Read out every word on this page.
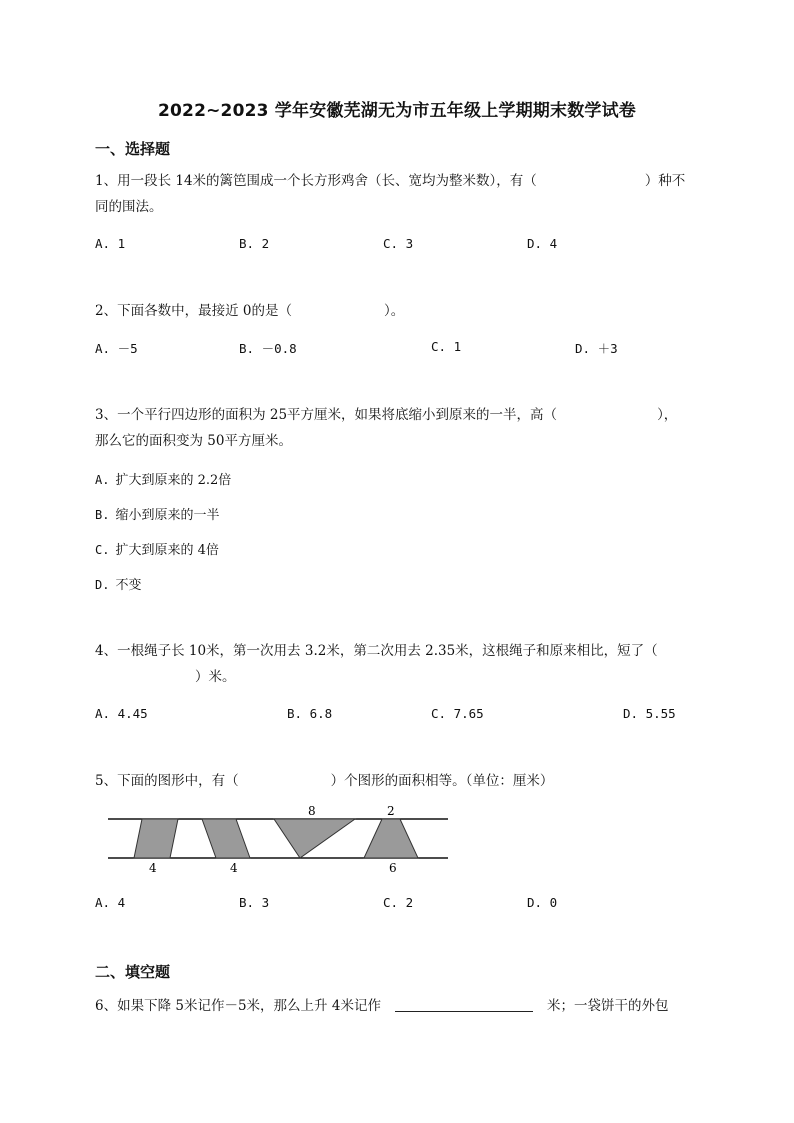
2022~2023 学年安徽芜湖无为市五年级上学期期末数学试卷
一、选择题
1、用一段长 14米的篱笆围成一个长方形鸡舍（长、宽均为整米数），有（	）种不
同的围法。
A. 1	B. 2	C. 3	D. 4
2、下面各数中，最接近 0的是（	）。
A. －5	B. －0.8	C. 1	D. ＋3
3、一个平行四边形的面积为 25平方厘米，如果将底缩小到原来的一半，高（	），
那么它的面积变为 50平方厘米。
A. 扩大到原来的 2.2倍
B. 缩小到原来的一半
C. 扩大到原来的 4倍
D. 不变
4、一根绳子长 10米，第一次用去 3.2米，第二次用去 2.35米，这根绳子和原来相比，短了（
）米。
A. 4.45	B. 6.8	C. 7.65	D. 5.55
5、下面的图形中，有（	）个图形的面积相等。（单位：厘米）
4	4
8	2
6
A. 4	B. 3	C. 2	D. 0
二、填空题
6、如果下降 5米记作－5米，那么上升 4米记作	米；一袋饼干的外包
